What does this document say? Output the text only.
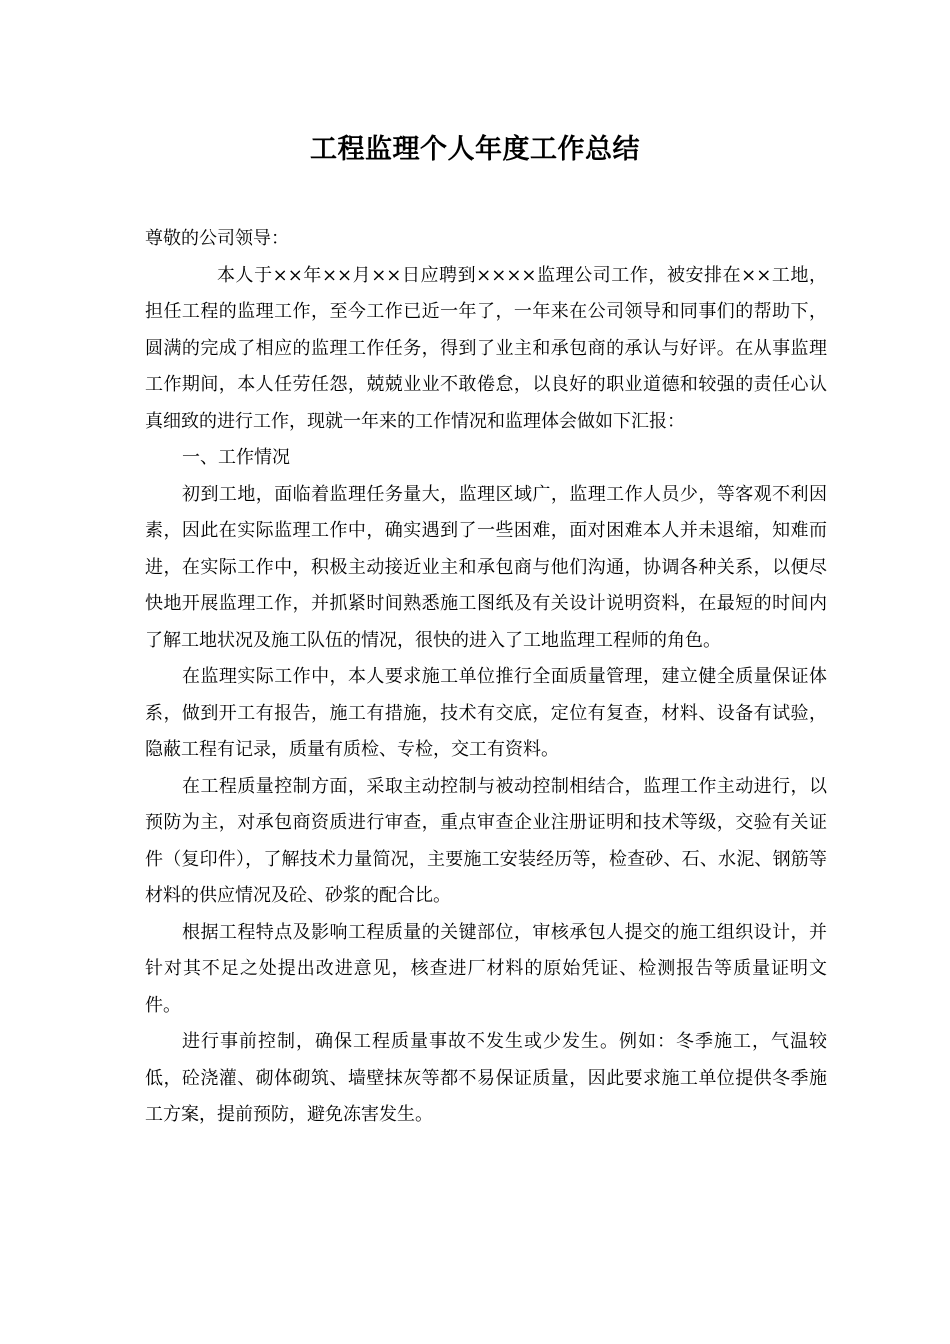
工程监理个人年度工作总结

尊敬的公司领导：

本人于××年××月××日应聘到××××监理公司工作，被安排在××工地，担任工程的监理工作，至今工作已近一年了，一年来在公司领导和同事们的帮助下，圆满的完成了相应的监理工作任务，得到了业主和承包商的承认与好评。在从事监理工作期间，本人任劳任怨，兢兢业业不敢倦怠，以良好的职业道德和较强的责任心认真细致的进行工作，现就一年来的工作情况和监理体会做如下汇报：

一、工作情况

初到工地，面临着监理任务量大，监理区域广，监理工作人员少，等客观不利因素，因此在实际监理工作中，确实遇到了一些困难，面对困难本人并未退缩，知难而进，在实际工作中，积极主动接近业主和承包商与他们沟通，协调各种关系，以便尽快地开展监理工作，并抓紧时间熟悉施工图纸及有关设计说明资料，在最短的时间内了解工地状况及施工队伍的情况，很快的进入了工地监理工程师的角色。

在监理实际工作中，本人要求施工单位推行全面质量管理，建立健全质量保证体系，做到开工有报告，施工有措施，技术有交底，定位有复查，材料、设备有试验，隐蔽工程有记录，质量有质检、专检，交工有资料。

在工程质量控制方面，采取主动控制与被动控制相结合，监理工作主动进行，以预防为主，对承包商资质进行审查，重点审查企业注册证明和技术等级，交验有关证件（复印件），了解技术力量简况，主要施工安装经历等，检查砂、石、水泥、钢筋等材料的供应情况及砼、砂浆的配合比。

根据工程特点及影响工程质量的关键部位，审核承包人提交的施工组织设计，并针对其不足之处提出改进意见，核查进厂材料的原始凭证、检测报告等质量证明文件。

进行事前控制，确保工程质量事故不发生或少发生。例如：冬季施工，气温较低，砼浇灌、砌体砌筑、墙壁抹灰等都不易保证质量，因此要求施工单位提供冬季施工方案，提前预防，避免冻害发生。
